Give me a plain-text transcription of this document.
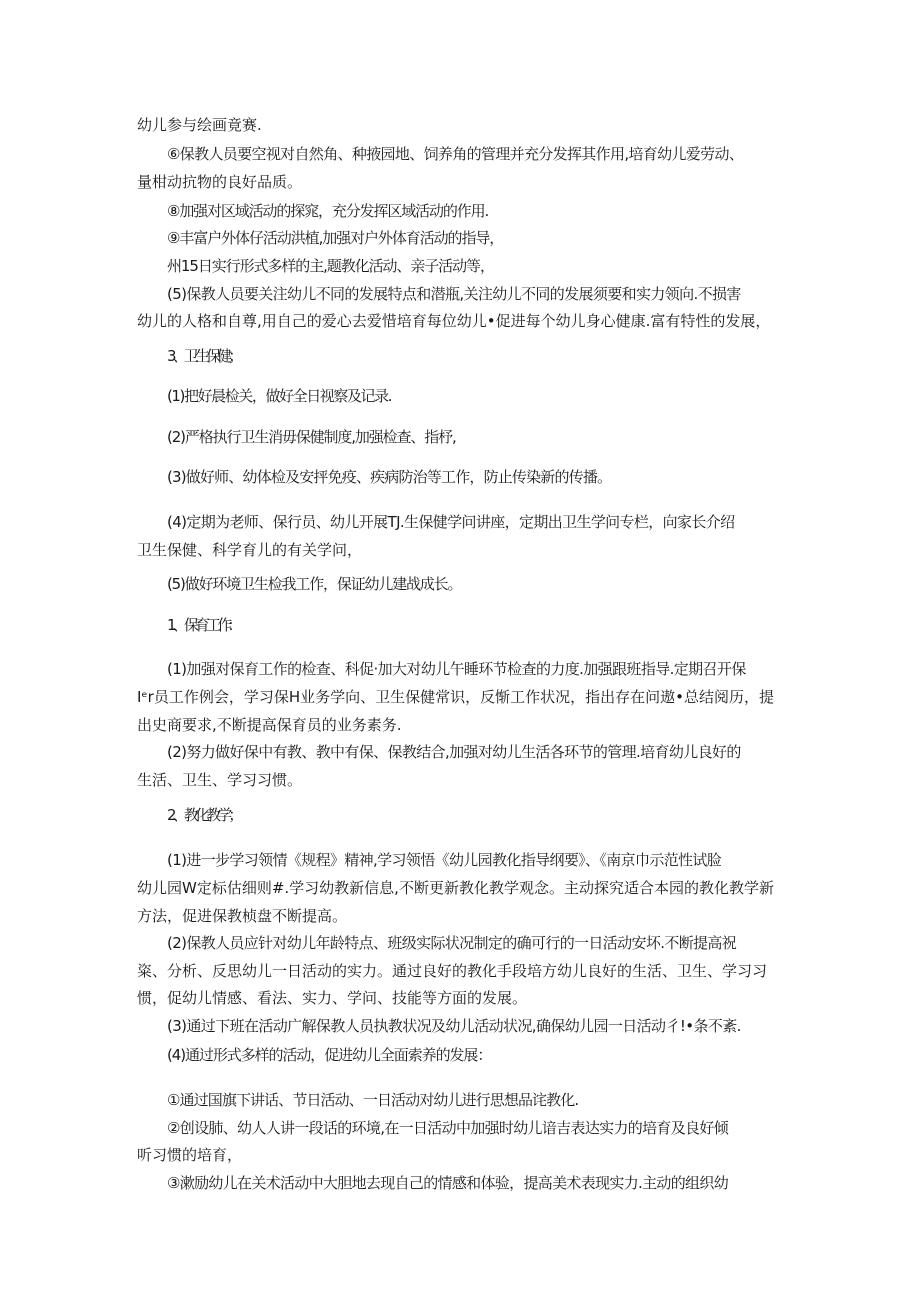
幼儿参与绘画竟赛.

⑥保教人员要空视对自然角、种掖园地、饲养角的管理并充分发挥其作用,培育幼儿爱劳动、

量柑动抗物的良好品质。

⑧加强对区域活动的探窕，充分发挥区域活动的作用.

⑨丰富户外体仔活动洪植,加强对户外体育活动的指导，

州15日实行形式多样的主,题教化活动、亲子活动等，

(5)保教人员要关注幼儿不同的发展特点和潜瓶,关注幼儿不同的发展须要和实力领向.不损害

幼儿的人格和自尊,用自己的爱心去爱惜培育每位幼儿•促进每个幼儿身心健康.富有特性的发展，

3、卫生保健；

(1)把好晨检关，做好全日视察及记录.

(2)严格执行卫生消毋保健制度,加强检查、指杼,

(3)做好师、幼体检及安抨免疫、疾病防治等工作，防止传染新的传播。

(4)定期为老师、保行员、幼儿开展TJ.生保健学问讲座，定期出卫生学问专栏，向家长介绍

卫生保健、科学育儿的有关学问，

(5)做好环境卫生检我工作，保证幼儿建战成长。

1、保育工作:

(1)加强对保育工作的检查、科促·加大对幼儿午睡环节检查的力度.加强跟班指导.定期召开保

Iᵉr员工作例会，学习保H业务学向、卫生保健常识，反惭工作状况，指出存在问遨•总结阅历，提

出史商要求,不断提高保育员的业务素务.

(2)努力做好保中有教、教中有保、保教结合,加强对幼儿生活各环节的管理.培育幼儿良好的

生活、卫生、学习习惯。

2、教化教学；

(1)进一步学习领情《规程》精神,学习领悟《幼儿园教化指导纲要》、《南京巾示范性试脸

幼儿园W定标估细则#.学习幼教新信息,不断更新教化教学观念。主动探究适合本园的教化教学新

方法，促进保教桢盘不断提高。

(2)保教人员应针对幼儿年龄特点、班级实际状况制定的确可行的一日活动安坏.不断提高祝

粢、分析、反思幼儿一日活动的实力。通过良好的教化手段培方幼儿良好的生活、卫生、学习习

惯，促幼儿情感、看法、实力、学问、技能等方面的发展。

(3)通过下班在活动广解保教人员执教状况及幼儿活动状况,确保幼儿园一日活动彳!•条不紊.

(4)通过形式多样的活动，促进幼儿全面索养的发展：

①通过国旗下讲话、节日活动、一日活动对幼儿进行思想品诧教化.

②创设肺、幼人人讲一段话的环境,在一日活动中加强时幼儿谙吉表达实力的培育及良好倾

听习惯的培育，

③漱励幼儿在关术活动中大胆地去现自己的情感和体验，提高美术表现实力.主动的组织幼
